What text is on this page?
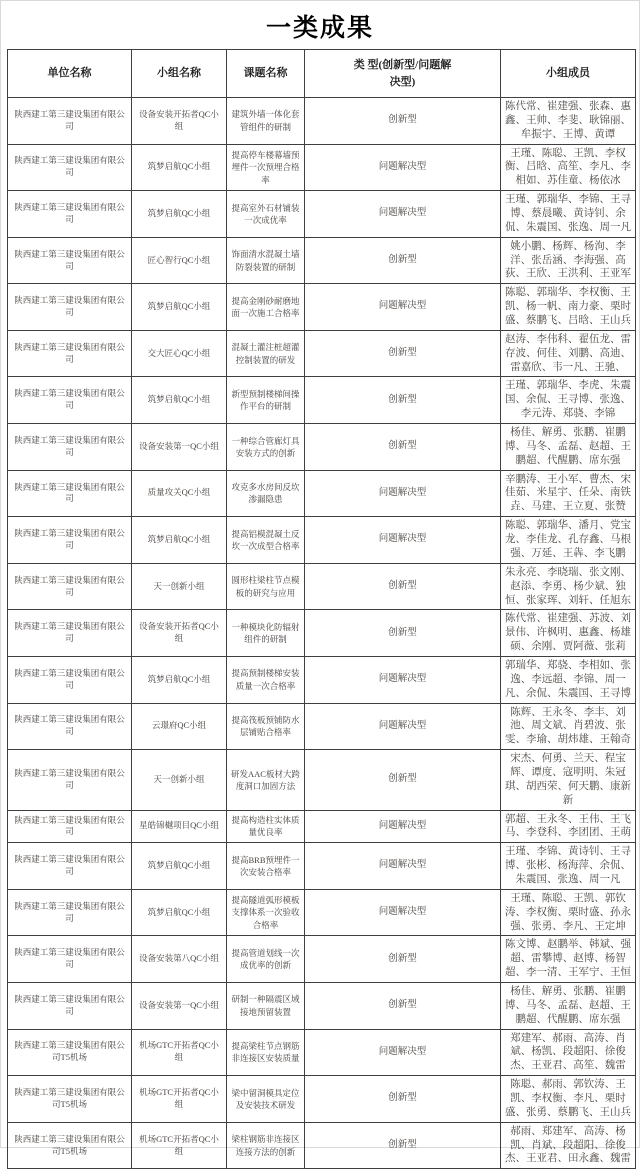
一类成果
单位名称	小组名称	课题名称	类 型(创新型/问题解决型)	小组成员
陕西建工第三建设集团有限公司	设备安装开拓者QC小组	建筑外墙一体化套管组件的研制	创新型	陈代常、崔建强、张森、惠鑫、王帅、李斐、耿锦丽、牟振宇、王博、黄谭
陕西建工第三建设集团有限公司	筑梦启航QC小组	提高停车楼幕墙预埋件一次预埋合格率	问题解决型	王瑾、陈聪、王凯、李权衡、吕晗、高笙、李凡、李相如、苏佳童、杨依冰
陕西建工第三建设集团有限公司	筑梦启航QC小组	提高室外石材铺装一次成优率	问题解决型	王瑾、郭瑞华、李锦、王寻博、蔡晨曦、黄诗钊、余侃、朱震国、张逸、周一凡
陕西建工第三建设集团有限公司	匠心智行QC小组	饰面清水混凝土墙防裂装置的研制	创新型	姚小鹏、杨辉、杨洵、李洋、张岳涵、李海强、高荻、王欣、王洪利、王亚军
陕西建工第三建设集团有限公司	筑梦启航QC小组	提高金刚砂耐磨地面一次施工合格率	问题解决型	陈聪、郭瑞华、李权衡、王凯、杨一帆、南力豪、栗时盛、蔡鹏飞、吕晗、王山兵
陕西建工第三建设集团有限公司	交大匠心QC小组	混凝土灌注桩超灌控制装置的研发	创新型	赵涛、李伟科、翟伍龙、雷存波、何佳、刘鹏、高迪、雷嘉欣、韦一凡、王驰、
陕西建工第三建设集团有限公司	筑梦启航QC小组	新型预制楼梯间操作平台的研制	创新型	王瑾、郭瑞华、李虎、朱震国、余侃、王寻博、张逸、李元涛、郑骁、李锦
陕西建工第三建设集团有限公司	设备安装第一QC小组	一种综合管廊灯具安装方式的创新	创新型	杨佳、解勇、张鹏、崔鹏博、马冬、孟磊、赵超、王鹏超、代醒鹏、席东强
陕西建工第三建设集团有限公司	质量攻关QC小组	攻克多水房间反坎渗漏隐患	问题解决型	辛鹏涛、王小军、曹杰、宋佳茹、米星宇、任朵、南铁垚、马建、王立夏、张赞
陕西建工第三建设集团有限公司	筑梦启航QC小组	提高铝模混凝土反坎一次成型合格率	问题解决型	陈聪、郭瑞华、潘月、党宝龙、李佳龙、孔存鑫、马根强、万延、王犇、李飞鹏
陕西建工第三建设集团有限公司	天一创新小组	圆形柱梁柱节点模板的研究与应用	创新型	朱永亮、李晓瑞、张文刚、赵添、李勇、杨少斌、独恒、张家珲、刘轩、任旭东
陕西建工第三建设集团有限公司	设备安装开拓者QC小组	一种模块化防辐射组件的研制	创新型	陈代常、崔建强、苏波、刘景伟、许枫明、惠鑫、杨雄硕、余刚、贾阿薇、张莉
陕西建工第三建设集团有限公司	筑梦启航QC小组	提高预制楼梯安装质量一次合格率	问题解决型	郭瑞华、郑骁、李相如、张逸、李远超、李锦、周一凡、余侃、朱震国、王寻博
陕西建工第三建设集团有限公司	云璟府QC小组	提高筏板预铺防水层铺贴合格率	问题解决型	陈辉、王永冬、李丰、刘池、周文斌、肖碧波、张雯、李瑜、胡炜雄、王翰奇
陕西建工第三建设集团有限公司	天一创新小组	研发AAC板材大跨度洞口加固方法	创新型	宋杰、何勇、兰天、程宝辉、谭度、寇明明、朱冠琪、胡西荣、何天鹏、康新新
陕西建工第三建设集团有限公司	星皓锦樾项目QC小组	提高构造柱实体质量优良率	问题解决型	郭超、王永冬、王伟、王飞马、李登科、李团团、王萌
陕西建工第三建设集团有限公司	筑梦启航QC小组	提高BRB预埋件一次安装合格率	问题解决型	王瑾、李锦、黄诗钊、王寻博、张彬、杨海萍、余侃、朱震国、张逸、周一凡
陕西建工第三建设集团有限公司	筑梦启航QC小组	提高隧道弧形模板支撑体系一次验收合格率	问题解决型	王瑾、陈聪、王凯、郭钦涛、李权衡、栗时盛、孙永强、张勇、李凡、王定坤
陕西建工第三建设集团有限公司	设备安装第八QC小组	提高管道划线一次成优率的创新	创新型	陈文博、赵鹏举、韩斌、强超、雷攀博、赵博、杨智超、李一清、王军宁、王恒
陕西建工第三建设集团有限公司	设备安装第一QC小组	研制一种隔震区域接地预留装置	创新型	杨佳、解勇、张鹏、崔鹏博、马冬、孟磊、赵超、王鹏超、代醒鹏、席东强
陕西建工第三建设集团有限公司T5机场	机场GTC开拓者QC小组	提高梁柱节点钢筋非连接区安装质量	问题解决型	郑建军、郝雨、高涛、肖斌、杨凯、段超阳、徐俊杰、王亚君、高笙、魏雷
陕西建工第三建设集团有限公司T5机场	机场GTC开拓者QC小组	梁中留洞模具定位及安装技术研发	创新型	陈聪、郝雨、郭钦涛、王凯、李权衡、李凡、栗时盛、张勇、蔡鹏飞、王山兵
陕西建工第三建设集团有限公司T5机场	机场GTC开拓者QC小组	梁柱钢筋非连接区连接方法的创新	创新型	郝雨、郑建军、高涛、杨凯、肖斌、段超阳、徐俊杰、王亚君、田永鑫、魏雷
